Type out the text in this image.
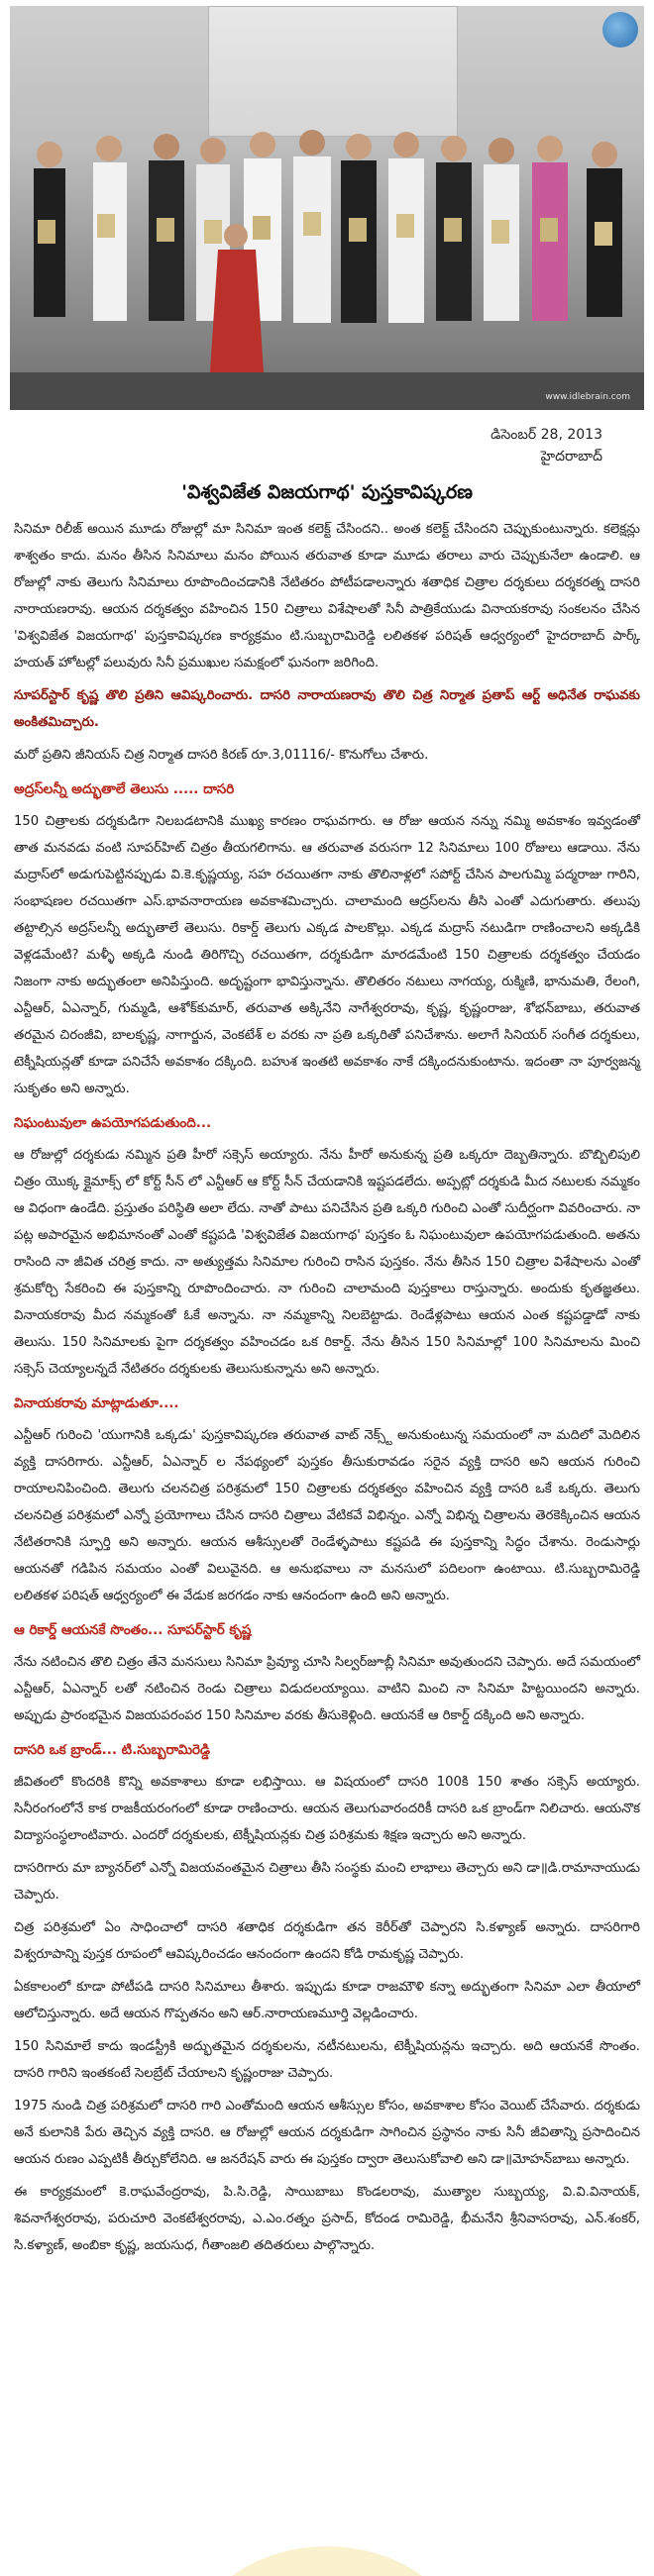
www.idlebrain.com
డిసెంబర్ 28, 2013
హైదరాబాద్
'విశ్వవిజేత విజయగాథ' పుస్తకావిష్కరణ

సినిమా రిలీజ్ అయిన మూడు రోజుల్లో మా సినిమా ఇంత కలెక్ట్ చేసిందని.. అంత కలెక్ట్ చేసిందని చెప్పుకుంటున్నారు. కలెక్షన్లు శాశ్వతం కాదు. మనం తీసిన సినిమాలు మనం పోయిన తరువాత కూడా మూడు తరాలు వారు చెప్పుకునేలా ఉండాలి. ఆ రోజుల్లో నాకు తెలుగు సినిమాలు రూపొందించడానికి నేటితరం పోటీపడాలన్నారు శతాధిక చిత్రాల దర్శకులు దర్శకరత్న దాసరి నారాయణరావు. ఆయన దర్శకత్వం వహించిన 150 చిత్రాలు విశేషాలతో సినీ పాత్రికేయుడు వినాయకరావు సంకలనం చేసిన 'విశ్వవిజేత విజయగాథ' పుస్తకావిష్కరణ కార్యక్రమం టి.సుబ్బరామిరెడ్డి లలితకళ పరిషత్ ఆధ్వర్యంలో హైదరాబాద్ పార్క్ హయత్ హోటల్లో పలువురు సినీ ప్రముఖుల సమక్షంలో ఘనంగా జరిగింది.

సూపర్‌స్టార్ కృష్ణ తొలి ప్రతిని ఆవిష్కరించారు. దాసరి నారాయణరావు తొలి చిత్ర నిర్మాత ప్రతాప్ ఆర్ట్ అధినేత రాఘవకు అంకితమిచ్చారు.

మరో ప్రతిని జీనియస్ చిత్ర నిర్మాత దాసరి కిరణ్ రూ.3,01116/- కొనుగోలు చేశారు.

అద్రస్‌లన్నీ అద్భుతాలే తెలుసు ..... దాసరి

150 చిత్రాలకు దర్శకుడిగా నిలబడటానికి ముఖ్య కారణం రాఘవగారు. ఆ రోజు ఆయన నన్ను నమ్మి అవకాశం ఇవ్వడంతో తాత మనవడు వంటి సూపర్‌హిట్ చిత్రం తీయగలిగాను. ఆ తరువాత వరుసగా 12 సినిమాలు 100 రోజులు ఆడాయి. నేను మద్రాస్‌లో అడుగుపెట్టినప్పుడు వి.కె.కృష్ణయ్య, సహ రచయితగా నాకు తొలినాళ్లలో సపోర్ట్ చేసిన పాలగుమ్మి పద్మరాజు గారిని, సంభాషణల రచయితగా ఎస్.భావనారాయణ అవకాశమిచ్చారు. చాలామంది ఆద్రస్‌లను తీసి ఎంతో ఎదుగుతారు. తలుపు తట్టాల్సిన అద్రస్‌లన్నీ అద్భుతాలే తెలుసు. రికార్డ్ తెలుగు ఎక్కడ పాలకొల్లు. ఎక్కడ మద్రాస్ నటుడిగా రాణించాలని అక్కడికి వెళ్లడమేంటి? మళ్ళీ అక్కడి నుండి తిరిగొచ్చి రచయితగా, దర్శకుడిగా మారడమేంటి 150 చిత్రాలకు దర్శకత్వం చేయడం నిజంగా నాకు అద్భుతంలా అనిపిస్తుంది. అదృష్టంగా భావిస్తున్నాను. తొలితరం నటులు నాగయ్య, రుక్మిణి, భానుమతి, రేలంగి, ఎన్టీఆర్, ఏఎన్నార్, గుమ్మడి, ఆశోక్‌కుమార్, తరువాత అక్కినేని నాగేశ్వరరావు, కృష్ణ, కృష్ణంరాజు, శోభన్‌బాబు, తరువాత తరమైన చిరంజీవి, బాలకృష్ణ, నాగార్జున, వెంకటేశ్ ల వరకు నా ప్రతి ఒక్కరితో పనిచేశాను. అలాగే సినియర్ సంగీత దర్శకులు, టెక్నీషియన్లతో కూడా పనిచేసే అవకాశం దక్కింది. బహుశ ఇంతటి అవకాశం నాకే దక్కిందనుకుంటాను. ఇదంతా నా పూర్వజన్మ సుకృతం అని అన్నారు.

నిఘంటువులా ఉపయోగపడుతుంది...

ఆ రోజుల్లో దర్శకుడు నమ్మిన ప్రతి హీరో సక్సెస్ అయ్యారు. నేను హీరో అనుకున్న ప్రతి ఒక్కరూ దెబ్బతిన్నారు. బొబ్బిలిపులి చిత్రం యొక్క క్లైమాక్స్ లో కోర్ట్ సీన్ లో ఎన్టీఆర్ ఆ కోర్ట్ సీన్ చేయడానికి ఇష్టపడలేదు. అప్పట్లో దర్శకుడి మీద నటులకు నమ్మకం ఆ విధంగా ఉండేది. ప్రస్తుతం పరిస్థితి అలా లేదు. నాతో పాటు పనిచేసిన ప్రతి ఒక్కరి గురించి ఎంతో సుదీర్ఘంగా వివరించారు. నా పట్ల అపారమైన అభిమానంతో ఎంతో కష్టపడి 'విశ్వవిజేత విజయగాథ' పుస్తకం ఓ నిఘంటువులా ఉపయోగపడుతుంది. అతను రాసింది నా జీవిత చరిత్ర కాదు. నా అత్యుత్తమ సినిమాల గురించి రాసిన పుస్తకం. నేను తీసిన 150 చిత్రాల విశేషాలను ఎంతో శ్రమకోర్చి సేకరించి ఈ పుస్తకాన్ని రూపొందించారు. నా గురించి చాలామంది పుస్తకాలు రాస్తున్నారు. అందుకు కృతజ్ఞతలు. వినాయకరావు మీద నమ్మకంతో ఓకే అన్నాను. నా నమ్మకాన్ని నిలబెట్టాడు. రెండేళ్లపాటు ఆయన ఎంత కష్టపడ్డాడో నాకు తెలుసు. 150 సినిమాలకు పైగా దర్శకత్వం వహించడం ఒక రికార్డ్. నేను తీసిన 150 సినిమాల్లో 100 సినిమాలను మించి సక్సెస్ చెయ్యాలన్నదే నేటితరం దర్శకులకు తెలుసుకున్నాను అని అన్నారు.

వినాయకరావు మాట్లాడుతూ....

ఎన్టీఆర్ గురించి 'యుగానికి ఒక్కడు' పుస్తకావిష్కరణ తరువాత వాట్ నెక్స్ట్ అనుకుంటున్న సమయంలో నా మదిలో మెదిలిన వ్యక్తి దాసరిగారు. ఎన్టీఆర్, ఏఎన్నార్ ల నేపథ్యంలో పుస్తకం తీసుకురావడం సరైన వ్యక్తి దాసరి అని ఆయన గురించి రాయాలనిపించింది. తెలుగు చలనచిత్ర పరిశ్రమలో 150 చిత్రాలకు దర్శకత్వం వహించిన వ్యక్తి దాసరి ఒకే ఒక్కరు. తెలుగు చలనచిత్ర పరిశ్రమలో ఎన్నో ప్రయోగాలు చేసిన దాసరి చిత్రాలు వేటికవే విభిన్నం. ఎన్నో విభిన్న చిత్రాలను తెరకెక్కించిన ఆయన నేటితరానికి స్ఫూర్తి అని అన్నారు. ఆయన ఆశీస్సులతో రెండేళ్ళపాటు కష్టపడి ఈ పుస్తకాన్ని సిద్ధం చేశాను. రెండుసార్లు ఆయనతో గడిపిన సమయం ఎంతో విలువైనది. ఆ అనుభవాలు నా మనసులో పదిలంగా ఉంటాయి. టి.సుబ్బరామిరెడ్డి లలితకళ పరిషత్ ఆధ్వర్యంలో ఈ వేడుక జరగడం నాకు ఆనందంగా ఉంది అని అన్నారు.

ఆ రికార్డ్ ఆయనకే సొంతం... సూపర్‌స్టార్ కృష్ణ

నేను నటించిన తొలి చిత్రం తేనె మనసులు సినిమా ప్రివ్యూ చూసి సిల్వర్‌జూబ్లీ సినిమా అవుతుందని చెప్పారు. అదే సమయంలో ఎన్టీఆర్, ఏఎన్నార్ లతో నటించిన రెండు చిత్రాలు విడుదలయ్యాయి. వాటిని మించి నా సినిమా హిట్టయిందని అన్నారు. అప్పుడు ప్రారంభమైన విజయపరంపర 150 సినిమాల వరకు తీసుకెళ్లింది. ఆయనకే ఆ రికార్డ్ దక్కింది అని అన్నారు.

దాసరి ఒక బ్రాండ్... టి.సుబ్బరామిరెడ్డి

జీవితంలో కొందరికి కొన్ని అవకాశాలు కూడా లభిస్తాయి. ఆ విషయంలో దాసరి 100కి 150 శాతం సక్సెస్ అయ్యారు. సినీరంగంలోనే కాక రాజకీయరంగంలో కూడా రాణించారు. ఆయన తెలుగువారందరికీ దాసరి ఒక బ్రాండ్‌గా నిలిచారు. ఆయనొక విద్యాసంస్థలాంటివారు. ఎందరో దర్శకులకు, టెక్నీషియన్లకు చిత్ర పరిశ్రమకు శిక్షణ ఇచ్చారు అని అన్నారు.

దాసరిగారు మా బ్యానర్‌లో ఎన్నో విజయవంతమైన చిత్రాలు తీసి సంస్థకు మంచి లాభాలు తెచ్చారు అని డా॥డి.రామానాయుడు చెప్పారు.

చిత్ర పరిశ్రమలో ఏం సాధించాలో దాసరి శతాధిక దర్శకుడిగా తన కెరీర్‌తో చెప్పారని సి.కళ్యాణ్ అన్నారు. దాసరిగారి విశ్వరూపాన్ని పుస్తక రూపంలో ఆవిష్కరించడం ఆనందంగా ఉందని కోడి రామకృష్ణ చెప్పారు.

ఏకకాలంలో కూడా పోటీపడి దాసరి సినిమాలు తీశారు. ఇప్పుడు కూడా రాజమౌళి కన్నా అద్భుతంగా సినిమా ఎలా తీయాలో ఆలోచిస్తున్నారు. అదే ఆయన గొప్పతనం అని ఆర్.నారాయణమూర్తి వెల్లడించారు.

150 సినిమాలే కాదు ఇండస్ట్రీకి అద్భుతమైన దర్శకులను, నటీనటులను, టెక్నీషియన్లను ఇచ్చారు. అది ఆయనకే సొంతం. దాసరి గారిని ఇంతకంటే సెలబ్రేట్ చేయాలని కృష్ణంరాజు చెప్పారు.

1975 నుండి చిత్ర పరిశ్రమలో దాసరి గారి ఎంతోమంది ఆయన ఆశీస్సుల కోసం, అవకాశాల కోసం వెయిట్ చేసేవారు. దర్శకుడు అనే కులానికి పేరు తెచ్చిన వ్యక్తి దాసరి. ఆ రోజుల్లో ఆయన దర్శకుడిగా సాగించిన ప్రస్థానం నాకు సినీ జీవితాన్ని ప్రసాదించిన ఆయన రుణం ఎప్పటికీ తీర్చుకోలేనిది. ఆ జనరేషన్ వారు ఈ పుస్తకం ద్వారా తెలుసుకోవాలి అని డా॥మోహన్‌బాబు అన్నారు.

ఈ కార్యక్రమంలో కె.రాఘవేంద్రరావు, పి.సి.రెడ్డి, సాయిబాబు కొండలరావు, ముత్యాల సుబ్బయ్య, వి.వి.వినాయక్, శివనాగేశ్వరరావు, పరుచూరి వెంకటేశ్వరరావు, ఎ.ఎం.రత్నం ప్రసాద్, కోదండ రామిరెడ్డి, భీమనేని శ్రీనివాసరావు, ఎన్.శంకర్, సి.కళ్యాణ్, అంబికా కృష్ణ, జయసుధ, గీతాంజలి తదితరులు పాల్గొన్నారు.
